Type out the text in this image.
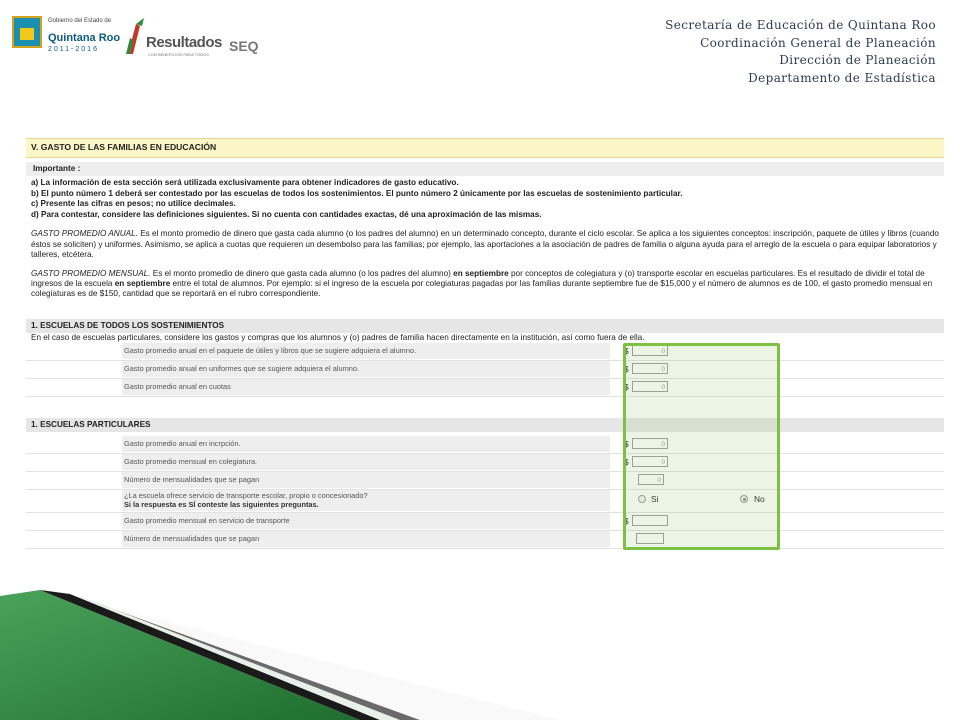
Gobierno del Estado de
Quintana Roo
2011-2016	Resultados
CON BENEFICIOS PARA TODOS
SEQ
Secretaría de Educación de Quintana Roo
Coordinación General de Planeación
Dirección de Planeación
Departamento de Estadística
V. GASTO DE LAS FAMILIAS EN EDUCACIÓN
Importante :
a) La información de esta sección será utilizada exclusivamente para obtener indicadores de gasto educativo.
b) El punto número 1 deberá ser contestado por las escuelas de todos los sostenimientos. El punto número 2 únicamente por las escuelas de sostenimiento particular.
c) Presente las cifras en pesos; no utilice decimales.
d) Para contestar, considere las definiciones siguientes. Si no cuenta con cantidades exactas, dé una aproximación de las mismas.
GASTO PROMEDIO ANUAL. Es el monto promedio de dinero que gasta cada alumno (o los padres del alumno) en un determinado concepto, durante el ciclo escolar. Se aplica a los siguientes conceptos: inscripción, paquete de útiles y libros (cuando éstos se soliciten) y uniformes. Asimismo, se aplica a cuotas que requieren un desembolso para las familias; por ejemplo, las aportaciones a la asociación de padres de familia o alguna ayuda para el arreglo de la escuela o para equipar laboratorios y talleres, etcétera.
GASTO PROMEDIO MENSUAL. Es el monto promedio de dinero que gasta cada alumno (o los padres del alumno) en septiembre por conceptos de colegiatura y (o) transporte escolar en escuelas particulares. Es el resultado de dividir el total de ingresos de la escuela en septiembre entre el total de alumnos. Por ejemplo: si el ingreso de la escuela por colegiaturas pagadas por las familias durante septiembre fue de $15,000 y el número de alumnos es de 100, el gasto promedio mensual en colegiaturas es de $150, cantidad que se reportará en el rubro correspondiente.
1. ESCUELAS DE TODOS LOS SOSTENIMIENTOS
En el caso de escuelas particulares, considere los gastos y compras que los alumnos y (o) padres de familia hacen directamente en la institución, así como fuera de ella.
Gasto promedio anual en el paquete de útiles y libros que se sugiere adquiera el alumno.	$	0
Gasto promedio anual en uniformes que se sugiere adquiera el alumno.	$	0
Gasto promedio anual en cuotas	$	0
1. ESCUELAS PARTICULARES
Gasto promedio anual en incrpción.	$	0
Gasto promedio mensual en colegiatura.	$	0
Número de mensualidades que se pagan	0
¿La escuela ofrece servicio de transporte escolar, propio o concesionado?
Si la respuesta es SÍ conteste las siguientes preguntas.
Si	No
Gasto promedio mensual en servicio de transporte	$
Número de mensualidades que se pagan
